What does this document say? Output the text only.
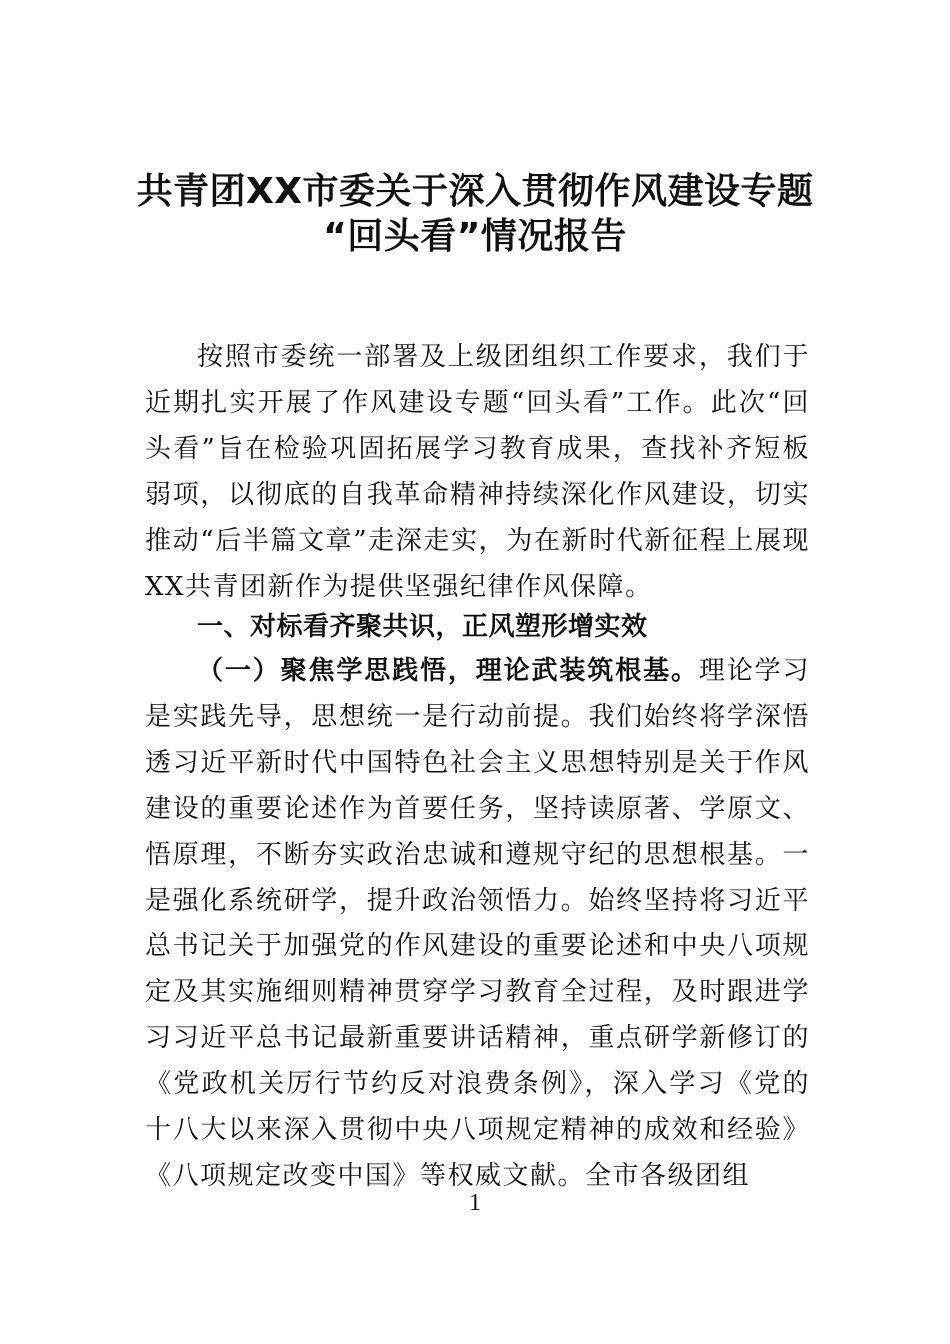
共青团XX市委关于深入贯彻作风建设专题
“回头看”情况报告
按照市委统一部署及上级团组织工作要求，我们于近期扎实开展了作风建设专题“回头看”工作。此次“回头看”旨在检验巩固拓展学习教育成果，查找补齐短板弱项，以彻底的自我革命精神持续深化作风建设，切实推动“后半篇文章”走深走实，为在新时代新征程上展现XX共青团新作为提供坚强纪律作风保障。
一、对标看齐聚共识，正风塑形增实效
（一）聚焦学思践悟，理论武装筑根基。理论学习是实践先导，思想统一是行动前提。我们始终将学深悟透习近平新时代中国特色社会主义思想特别是关于作风建设的重要论述作为首要任务，坚持读原著、学原文、悟原理，不断夯实政治忠诚和遵规守纪的思想根基。一是强化系统研学，提升政治领悟力。始终坚持将习近平总书记关于加强党的作风建设的重要论述和中央八项规定及其实施细则精神贯穿学习教育全过程，及时跟进学习习近平总书记最新重要讲话精神，重点研学新修订的《党政机关厉行节约反对浪费条例》，深入学习《党的十八大以来深入贯彻中央八项规定精神的成效和经验》《八项规定改变中国》等权威文献。全市各级团组
1
